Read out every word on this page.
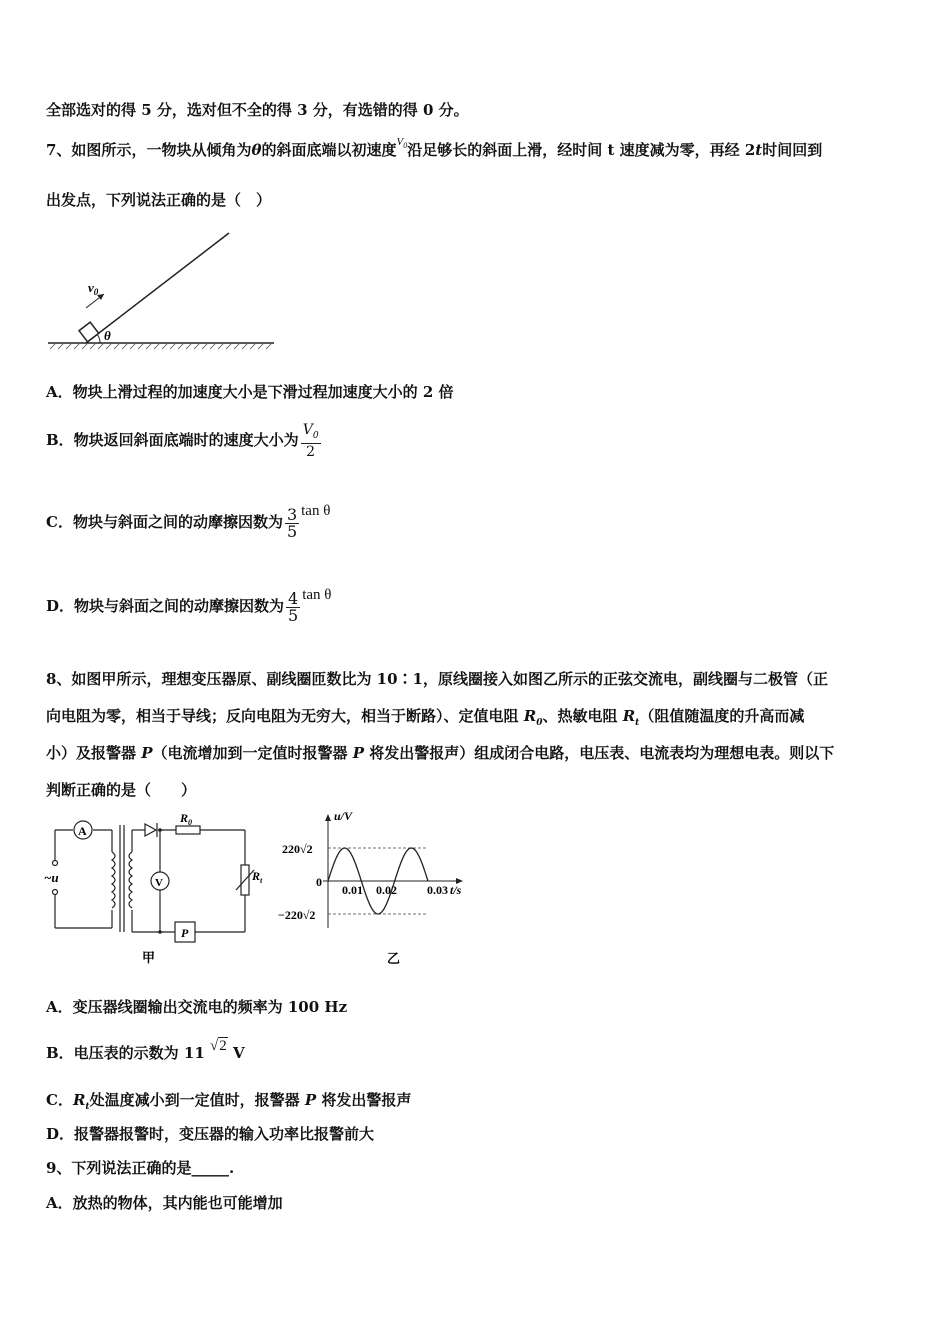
全部选对的得 5 分，选对但不全的得 3 分，有选错的得 0 分。
7、如图所示，一物块从倾角为θ的斜面底端以初速度$^{V_0}$沿足够长的斜面上滑，经时间 t 速度减为零，再经 2t时间回到
出发点，下列说法正确的是（　）
θ
$v_0$
A．物块上滑过程的加速度大小是下滑过程加速度大小的 2 倍
B．物块返回斜面底端时的速度大小为 $\frac{V_0}{2}$
C．物块与斜面之间的动摩擦因数为 $\frac{3}{5}$ tan θ
D．物块与斜面之间的动摩擦因数为 $\frac{4}{5}$ tan θ
8、如图甲所示，理想变压器原、副线圈匝数比为 10∶1，原线圈接入如图乙所示的正弦交流电，副线圈与二极管（正
向电阻为零，相当于导线；反向电阻为无穷大，相当于断路）、定值电阻 $R_0$、热敏电阻 $R_t$（阻值随温度的升高而减
小）及报警器 P（电流增加到一定值时报警器 P 将发出警报声）组成闭合电路，电压表、电流表均为理想电表。则以下
判断正确的是（　　）
A
V
~u
$R_0$
$R_t$
P
甲
u/V
t/s
220√2
−220√2
0
0.01 0.02	0.03
乙
A．变压器线圈输出交流电的频率为 100 Hz
B．电压表的示数为 11 √2 V
C．$R_t$处温度减小到一定值时，报警器 P 将发出警报声
D．报警器报警时，变压器的输入功率比报警前大
9、下列说法正确的是_____.
A．放热的物体，其内能也可能增加
